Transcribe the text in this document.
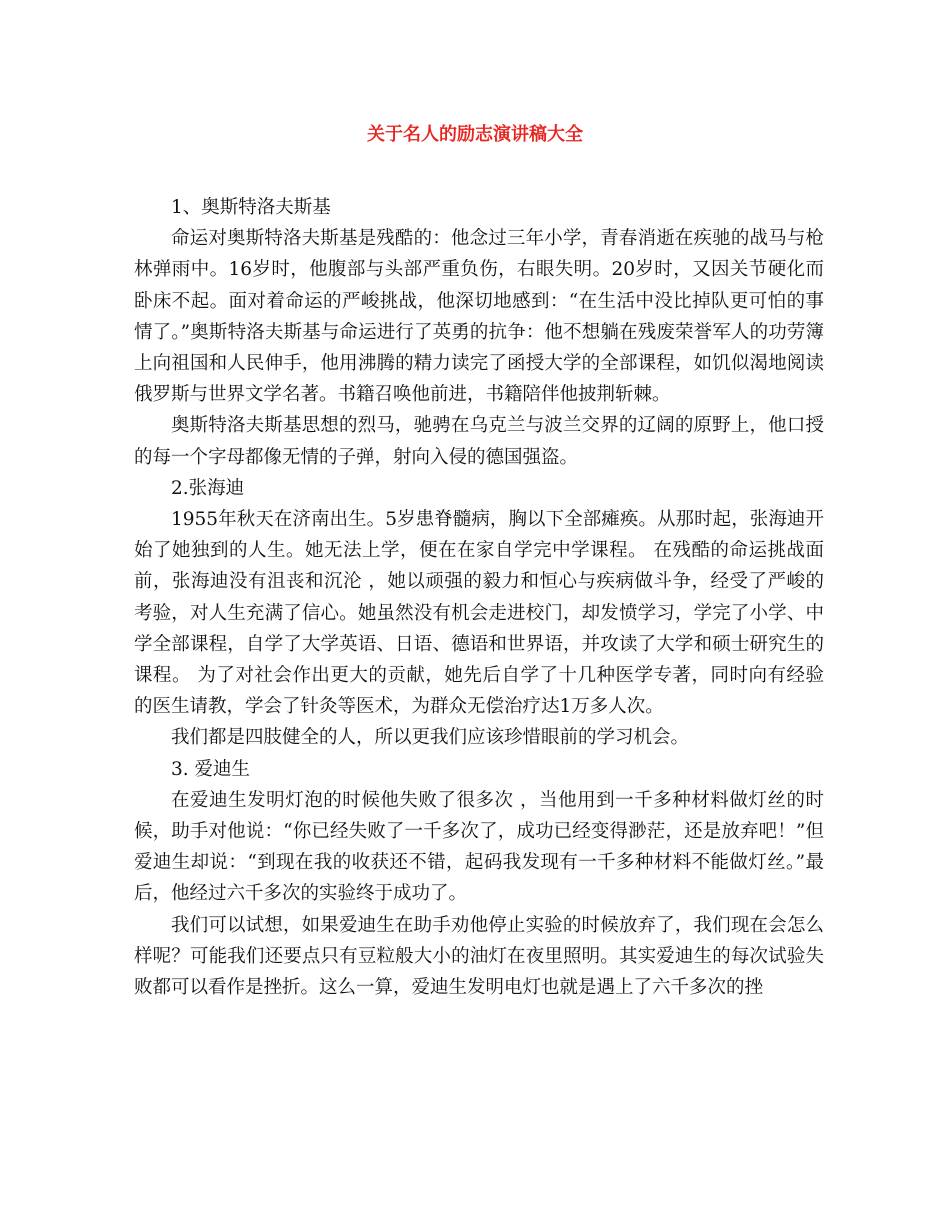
关于名人的励志演讲稿大全

1、奥斯特洛夫斯基

命运对奥斯特洛夫斯基是残酷的：他念过三年小学，青春消逝在疾驰的战马与枪林弹雨中。16岁时，他腹部与头部严重负伤，右眼失明。20岁时，又因关节硬化而卧床不起。面对着命运的严峻挑战，他深切地感到：“在生活中没比掉队更可怕的事情了。”奥斯特洛夫斯基与命运进行了英勇的抗争：他不想躺在残废荣誉军人的功劳簿上向祖国和人民伸手，他用沸腾的精力读完了函授大学的全部课程，如饥似渴地阅读俄罗斯与世界文学名著。书籍召唤他前进，书籍陪伴他披荆斩棘。

奥斯特洛夫斯基思想的烈马，驰骋在乌克兰与波兰交界的辽阔的原野上，他口授的每一个字母都像无情的子弹，射向入侵的德国强盗。

2.张海迪

1955年秋天在济南出生。5岁患脊髓病，胸以下全部瘫痪。从那时起，张海迪开始了她独到的人生。她无法上学，便在在家自学完中学课程。 在残酷的命运挑战面前，张海迪没有沮丧和沉沦 ，她以顽强的毅力和恒心与疾病做斗争，经受了严峻的考验，对人生充满了信心。她虽然没有机会走进校门，却发愤学习，学完了小学、中学全部课程，自学了大学英语、日语、德语和世界语，并攻读了大学和硕士研究生的课程。 为了对社会作出更大的贡献，她先后自学了十几种医学专著，同时向有经验的医生请教，学会了针灸等医术，为群众无偿治疗达1万多人次。

我们都是四肢健全的人，所以更我们应该珍惜眼前的学习机会。

3. 爱迪生

在爱迪生发明灯泡的时候他失败了很多次 ，当他用到一千多种材料做灯丝的时候，助手对他说：“你已经失败了一千多次了，成功已经变得渺茫，还是放弃吧！”但爱迪生却说：“到现在我的收获还不错，起码我发现有一千多种材料不能做灯丝。”最后，他经过六千多次的实验终于成功了。

我们可以试想，如果爱迪生在助手劝他停止实验的时候放弃了，我们现在会怎么样呢？可能我们还要点只有豆粒般大小的油灯在夜里照明。其实爱迪生的每次试验失败都可以看作是挫折。这么一算，爱迪生发明电灯也就是遇上了六千多次的挫
